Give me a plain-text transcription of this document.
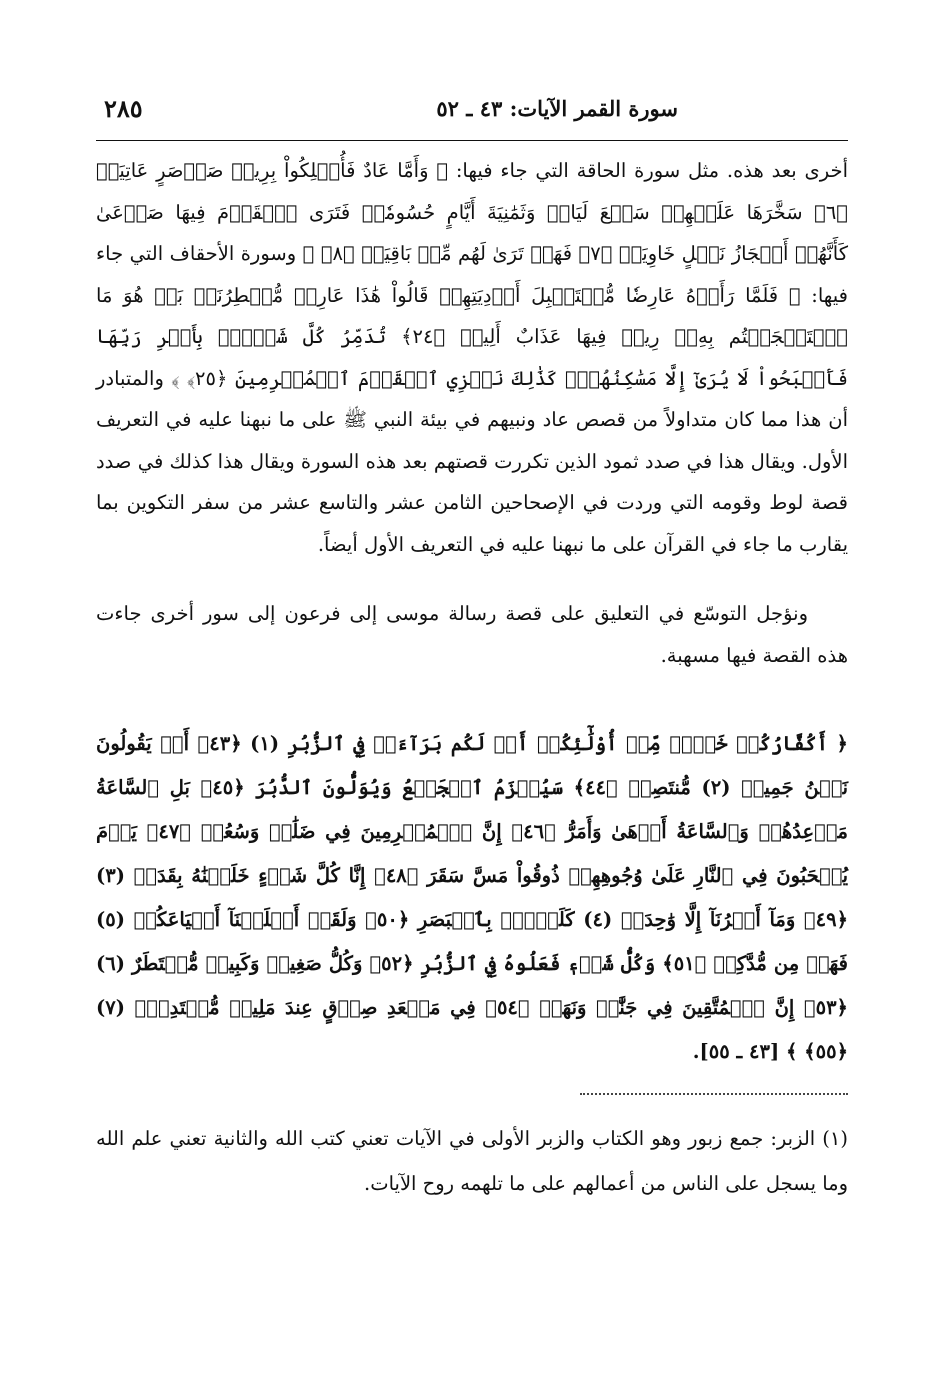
سورة القمر الآيات: ٤٣ ـ ٥٢
٢٨٥

أخرى بعد هذه. مثل سورة الحاقة التي جاء فيها: ﴿ وَأَمَّا عَادٌ فَأُهۡلِكُواْ بِرِيحٖ صَرۡصَرٍ عَاتِيَةٖ ﴿٦﴾ سَخَّرَهَا عَلَيۡهِمۡ سَبۡعَ لَيَالٖ وَثَمَٰنِيَةَ أَيَّامٍ حُسُومٗاۖ فَتَرَى ٱلۡقَوۡمَ فِيهَا صَرۡعَىٰ كَأَنَّهُمۡ أَعۡجَازُ نَخۡلٍ خَاوِيَةٖ ﴿٧﴾ فَهَلۡ تَرَىٰ لَهُم مِّنۢ بَاقِيَةٖ ﴿٨﴾ ﴾ وسورة الأحقاف التي جاء فيها: ﴿ فَلَمَّا رَأَوۡهُ عَارِضٗا مُّسۡتَقۡبِلَ أَوۡدِيَتِهِمۡ قَالُواْ هَٰذَا عَارِضٞ مُّمۡطِرُنَاۚ بَلۡ هُوَ مَا ٱسۡتَعۡجَلۡتُم بِهِۦۖ رِيحٞ فِيهَا عَذَابٌ أَلِيمٞ ﴿٢٤﴾ تُدَمِّرُ كُلَّ شَيۡءِۭ بِأَمۡرِ رَبِّهَا فَأَصۡبَحُواْ لَا يُرَىٰٓ إِلَّا مَسَٰكِنُهُمۡۚ كَذَٰلِكَ نَجۡزِي ٱلۡقَوۡمَ ٱلۡمُجۡرِمِينَ ﴿٢٥﴾ ﴾ والمتبادر أن هذا مما كان متداولاً من قصص عاد ونبيهم في بيئة النبي ﷺ على ما نبهنا عليه في التعريف الأول. ويقال هذا في صدد ثمود الذين تكررت قصتهم بعد هذه السورة ويقال هذا كذلك في صدد قصة لوط وقومه التي وردت في الإصحاحين الثامن عشر والتاسع عشر من سفر التكوين بما يقارب ما جاء في القرآن على ما نبهنا عليه في التعريف الأول أيضاً.

ونؤجل التوسّع في التعليق على قصة رسالة موسى إلى فرعون إلى سور أخرى جاءت هذه القصة فيها مسهبة.

﴿ أَكُفَّارُكُمۡ خَيۡرٞ مِّنۡ أُوْلَٰٓئِكُمۡ أَمۡ لَكُم بَرَآءَةٞ فِي ٱلزُّبُرِ (١) ﴿٤٣﴾ أَمۡ يَقُولُونَ نَحۡنُ جَمِيعٞ (٢) مُّنتَصِرٞ ﴿٤٤﴾ سَيُهۡزَمُ ٱلۡجَمۡعُ وَيُوَلُّونَ ٱلدُّبُرَ ﴿٤٥﴾ بَلِ ٱلسَّاعَةُ مَوۡعِدُهُمۡ وَٱلسَّاعَةُ أَدۡهَىٰ وَأَمَرُّ ﴿٤٦﴾ إِنَّ ٱلۡمُجۡرِمِينَ فِي ضَلَٰلٖ وَسُعُرٖ ﴿٤٧﴾ يَوۡمَ يُسۡحَبُونَ فِي ٱلنَّارِ عَلَىٰ وُجُوهِهِمۡ ذُوقُواْ مَسَّ سَقَرَ ﴿٤٨﴾ إِنَّا كُلَّ شَيۡءٍ خَلَقۡنَٰهُ بِقَدَرٖ (٣) ﴿٤٩﴾ وَمَآ أَمۡرُنَآ إِلَّا وَٰحِدَةٞ (٤) كَلَمۡحِۭ بِٱلۡبَصَرِ ﴿٥٠﴾ وَلَقَدۡ أَهۡلَكۡنَآ أَشۡيَاعَكُمۡ (٥) فَهَلۡ مِن مُّدَّكِرٖ ﴿٥١﴾ وَكُلُّ شَيۡءٖ فَعَلُوهُ فِي ٱلزُّبُرِ ﴿٥٢﴾ وَكُلُّ صَغِيرٖ وَكَبِيرٖ مُّسۡتَطَرٌ (٦) ﴿٥٣﴾ إِنَّ ٱلۡمُتَّقِينَ فِي جَنَّٰتٖ وَنَهَرٖ ﴿٥٤﴾ فِي مَقۡعَدِ صِدۡقٍ عِندَ مَلِيكٖ مُّقۡتَدِرِۭ (٧) ﴿٥٥﴾ ﴾ [٤٣ ـ ٥٥].

(١) الزبر: جمع زبور وهو الكتاب والزبر الأولى في الآيات تعني كتب الله والثانية تعني علم الله وما يسجل على الناس من أعمالهم على ما تلهمه روح الآيات.
